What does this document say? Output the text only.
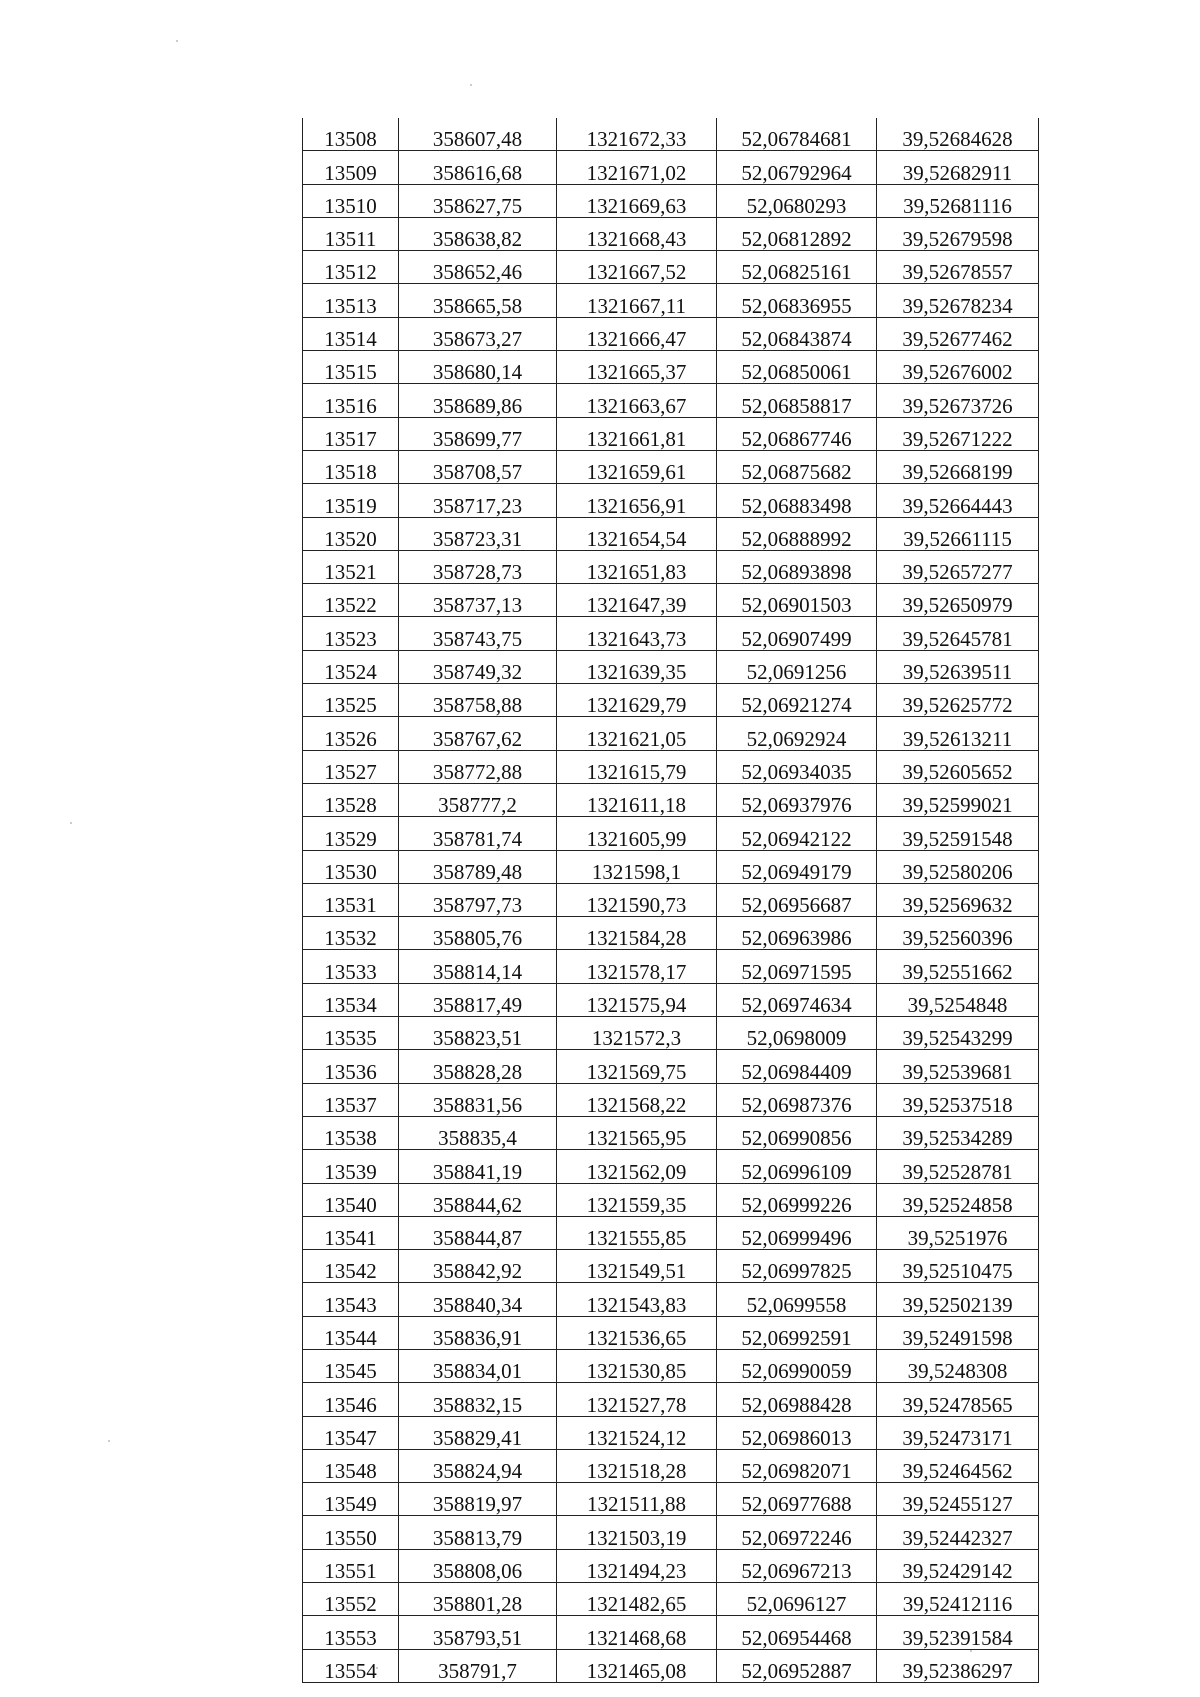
13508	358607,48	1321672,33	52,06784681	39,52684628
13509	358616,68	1321671,02	52,06792964	39,52682911
13510	358627,75	1321669,63	52,0680293	39,52681116
13511	358638,82	1321668,43	52,06812892	39,52679598
13512	358652,46	1321667,52	52,06825161	39,52678557
13513	358665,58	1321667,11	52,06836955	39,52678234
13514	358673,27	1321666,47	52,06843874	39,52677462
13515	358680,14	1321665,37	52,06850061	39,52676002
13516	358689,86	1321663,67	52,06858817	39,52673726
13517	358699,77	1321661,81	52,06867746	39,52671222
13518	358708,57	1321659,61	52,06875682	39,52668199
13519	358717,23	1321656,91	52,06883498	39,52664443
13520	358723,31	1321654,54	52,06888992	39,52661115
13521	358728,73	1321651,83	52,06893898	39,52657277
13522	358737,13	1321647,39	52,06901503	39,52650979
13523	358743,75	1321643,73	52,06907499	39,52645781
13524	358749,32	1321639,35	52,0691256	39,52639511
13525	358758,88	1321629,79	52,06921274	39,52625772
13526	358767,62	1321621,05	52,0692924	39,52613211
13527	358772,88	1321615,79	52,06934035	39,52605652
13528	358777,2	1321611,18	52,06937976	39,52599021
13529	358781,74	1321605,99	52,06942122	39,52591548
13530	358789,48	1321598,1	52,06949179	39,52580206
13531	358797,73	1321590,73	52,06956687	39,52569632
13532	358805,76	1321584,28	52,06963986	39,52560396
13533	358814,14	1321578,17	52,06971595	39,52551662
13534	358817,49	1321575,94	52,06974634	39,5254848
13535	358823,51	1321572,3	52,0698009	39,52543299
13536	358828,28	1321569,75	52,06984409	39,52539681
13537	358831,56	1321568,22	52,06987376	39,52537518
13538	358835,4	1321565,95	52,06990856	39,52534289
13539	358841,19	1321562,09	52,06996109	39,52528781
13540	358844,62	1321559,35	52,06999226	39,52524858
13541	358844,87	1321555,85	52,06999496	39,5251976
13542	358842,92	1321549,51	52,06997825	39,52510475
13543	358840,34	1321543,83	52,0699558	39,52502139
13544	358836,91	1321536,65	52,06992591	39,52491598
13545	358834,01	1321530,85	52,06990059	39,5248308
13546	358832,15	1321527,78	52,06988428	39,52478565
13547	358829,41	1321524,12	52,06986013	39,52473171
13548	358824,94	1321518,28	52,06982071	39,52464562
13549	358819,97	1321511,88	52,06977688	39,52455127
13550	358813,79	1321503,19	52,06972246	39,52442327
13551	358808,06	1321494,23	52,06967213	39,52429142
13552	358801,28	1321482,65	52,0696127	39,52412116
13553	358793,51	1321468,68	52,06954468	39,52391584
13554	358791,7	1321465,08	52,06952887	39,52386297
